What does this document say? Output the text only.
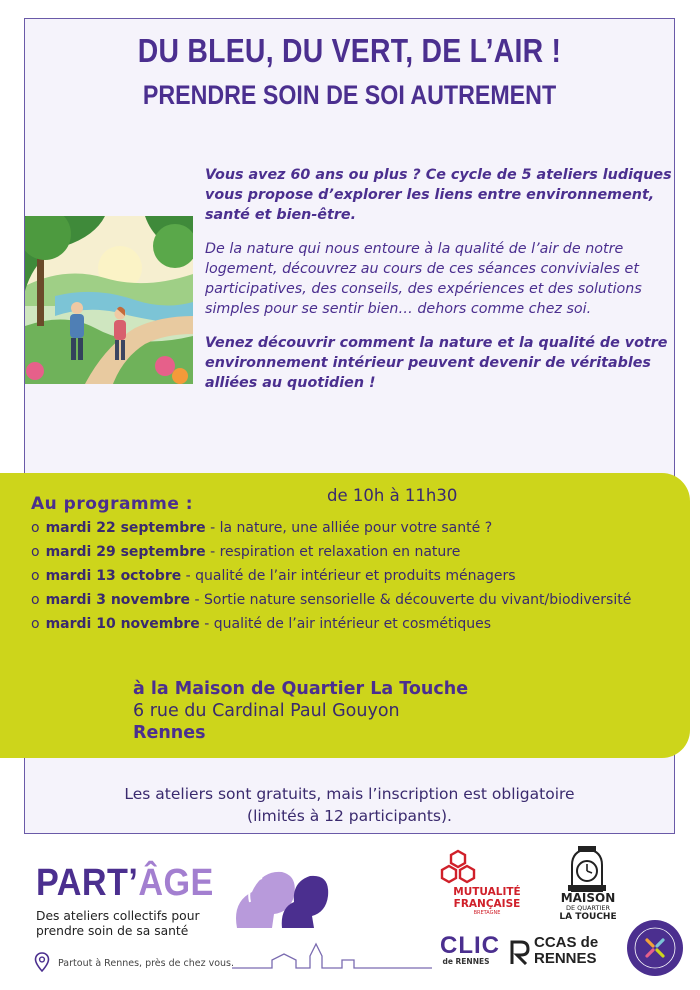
DU BLEU, DU VERT, DE L’AIR !
PRENDRE SOIN DE SOI AUTREMENT

Vous avez 60 ans ou plus ? Ce cycle de 5 ateliers ludiques vous propose d’explorer les liens entre environnement, santé et bien-être.

De la nature qui nous entoure à la qualité de l’air de notre logement, découvrez au cours de ces séances conviviales et participatives, des conseils, des expériences et des solutions simples pour se sentir bien… dehors comme chez soi.

Venez découvrir comment la nature et la qualité de votre environnement intérieur peuvent devenir de véritables alliées au quotidien !

Au programme :	de 10h à 11h30
o mardi 22 septembre - la nature, une alliée pour votre santé ?
o mardi 29 septembre - respiration et relaxation en nature
o mardi 13 octobre - qualité de l’air intérieur et produits ménagers
o mardi 3 novembre - Sortie nature sensorielle & découverte du vivant/biodiversité
o mardi 10 novembre - qualité de l’air intérieur et cosmétiques
à la Maison de Quartier La Touche
6 rue du Cardinal Paul Gouyon
Rennes
Les ateliers sont gratuits, mais l’inscription est obligatoire
(limités à 12 participants).
PART’ÂGE
Des ateliers collectifs pour
prendre soin de sa santé
Partout à Rennes, près de chez vous.
MUTUALITÉ
FRANÇAISE
BRETAGNE
MAISON
DE QUARTIER
LA TOUCHE
CLIC
de RENNES
CCAS de
RENNES
